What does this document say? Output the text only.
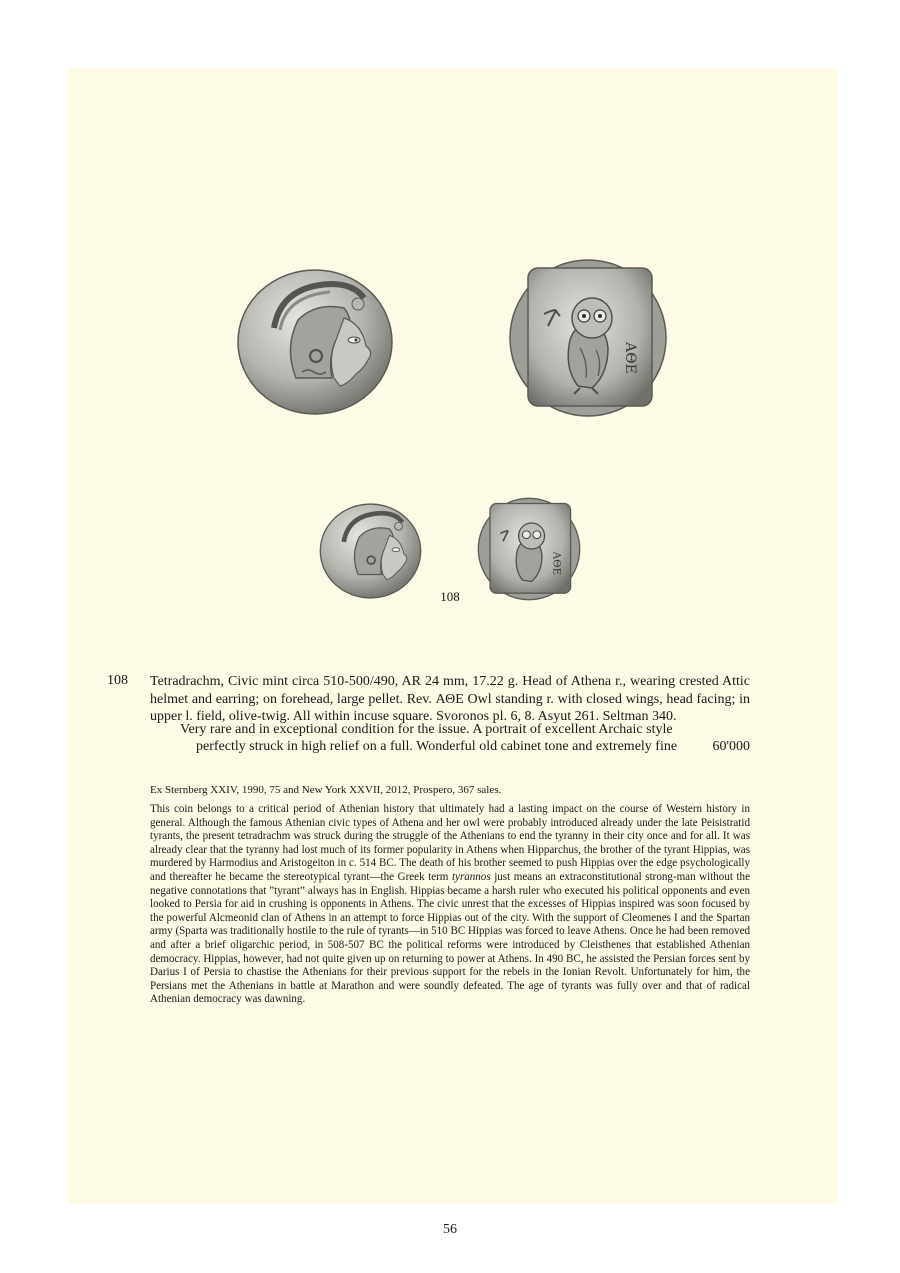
ΑΘΕ
ΑΘΕ
108
108 Tetradrachm, Civic mint circa 510-500/490, AR 24 mm, 17.22 g. Head of Athena r., wearing crested Attic helmet and earring; on forehead, large pellet. Rev. ΑΘΕ Owl standing r. with closed wings, head facing; in upper l. field, olive-twig. All within incuse square. Svoronos pl. 6, 8. Asyut 261. Seltman 340.
Very rare and in exceptional condition for the issue. A portrait of excellent Archaic style
perfectly struck in high relief on a full. Wonderful old cabinet tone and extremely fine	60'000
Ex Sternberg XXIV, 1990, 75 and New York XXVII, 2012, Prospero, 367 sales.
This coin belongs to a critical period of Athenian history that ultimately had a lasting impact on the course of Western history in general. Although the famous Athenian civic types of Athena and her owl were probably introduced already under the late Peisistratid tyrants, the present tetradrachm was struck during the struggle of the Athenians to end the tyranny in their city once and for all. It was already clear that the tyranny had lost much of its former popularity in Athens when Hipparchus, the brother of the tyrant Hippias, was murdered by Harmodius and Aristogeiton in c. 514 BC. The death of his brother seemed to push Hippias over the edge psychologically and thereafter he became the stereotypical tyrant—the Greek term tyrannos just means an extraconstitutional strong-man without the negative connotations that ”tyrant” always has in English. Hippias became a harsh ruler who executed his political opponents and even looked to Persia for aid in crushing is opponents in Athens. The civic unrest that the excesses of Hippias inspired was soon focused by the powerful Alcmeonid clan of Athens in an attempt to force Hippias out of the city. With the support of Cleomenes I and the Spartan army (Sparta was traditionally hostile to the rule of tyrants—in 510 BC Hippias was forced to leave Athens. Once he had been removed and after a brief oligarchic period, in 508-507 BC the political reforms were introduced by Cleisthenes that established Athenian democracy. Hippias, however, had not quite given up on returning to power at Athens. In 490 BC, he assisted the Persian forces sent by Darius I of Persia to chastise the Athenians for their previous support for the rebels in the Ionian Revolt. Unfortunately for him, the Persians met the Athenians in battle at Marathon and were soundly defeated. The age of tyrants was fully over and that of radical Athenian democracy was dawning.
56
